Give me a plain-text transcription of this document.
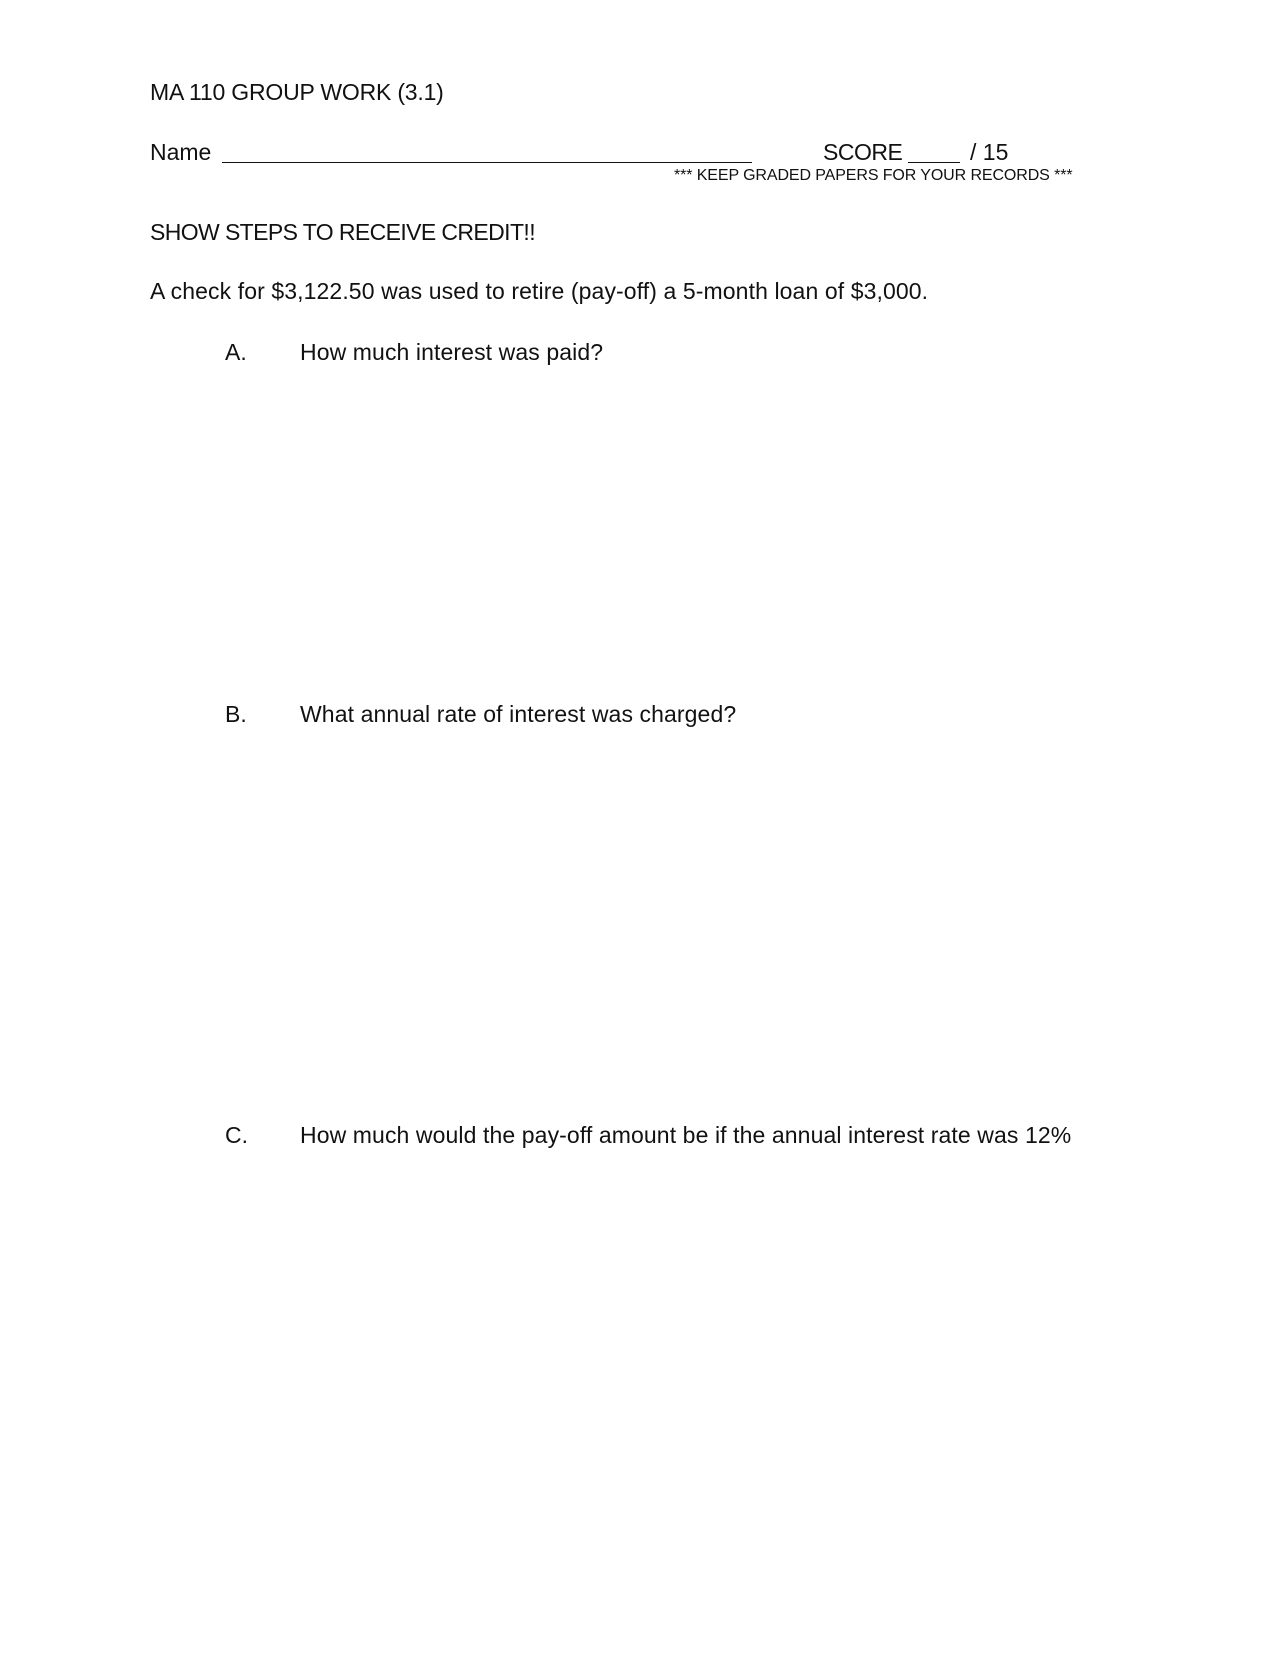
MA 110 GROUP WORK (3.1)
Name	SCORE	/ 15
*** KEEP GRADED PAPERS FOR YOUR RECORDS ***
SHOW STEPS TO RECEIVE CREDIT!!
A check for $3,122.50 was used to retire (pay-off) a 5-month loan of $3,000.
A. How much interest was paid?
B. What annual rate of interest was charged?
C. How much would the pay-off amount be if the annual interest rate was 12%
